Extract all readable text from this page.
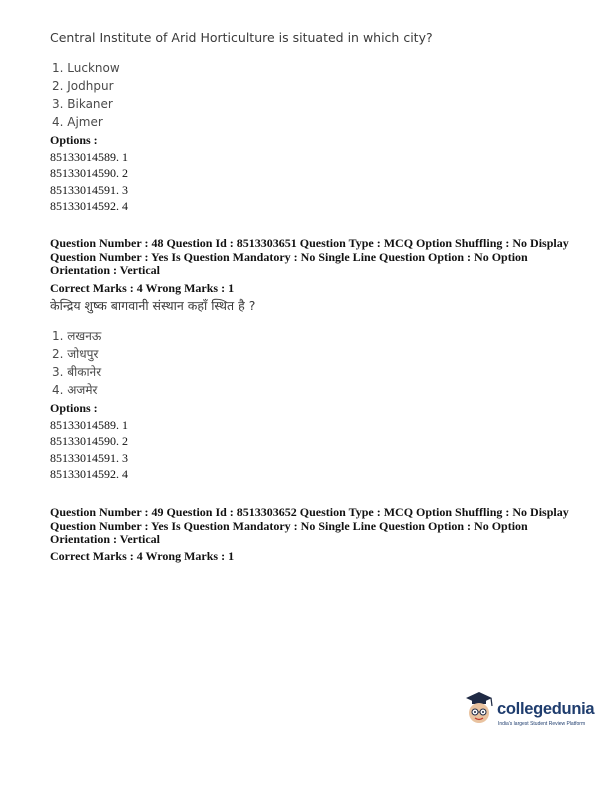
Central Institute of Arid Horticulture is situated in which city?
1. Lucknow
2. Jodhpur
3. Bikaner
4. Ajmer
Options :
85133014589. 1
85133014590. 2
85133014591. 3
85133014592. 4
Question Number : 48 Question Id : 8513303651 Question Type : MCQ Option Shuffling : No Display Question Number : Yes Is Question Mandatory : No Single Line Question Option : No Option Orientation : Vertical
Correct Marks : 4 Wrong Marks : 1
केन्द्रिय शुष्क बागवानी संस्थान कहाँ स्थित है ?
1. लखनऊ
2. जोधपुर
3. बीकानेर
4. अजमेर
Options :
85133014589. 1
85133014590. 2
85133014591. 3
85133014592. 4
Question Number : 49 Question Id : 8513303652 Question Type : MCQ Option Shuffling : No Display Question Number : Yes Is Question Mandatory : No Single Line Question Option : No Option Orientation : Vertical
Correct Marks : 4 Wrong Marks : 1
collegedunia
India's largest Student Review Platform
